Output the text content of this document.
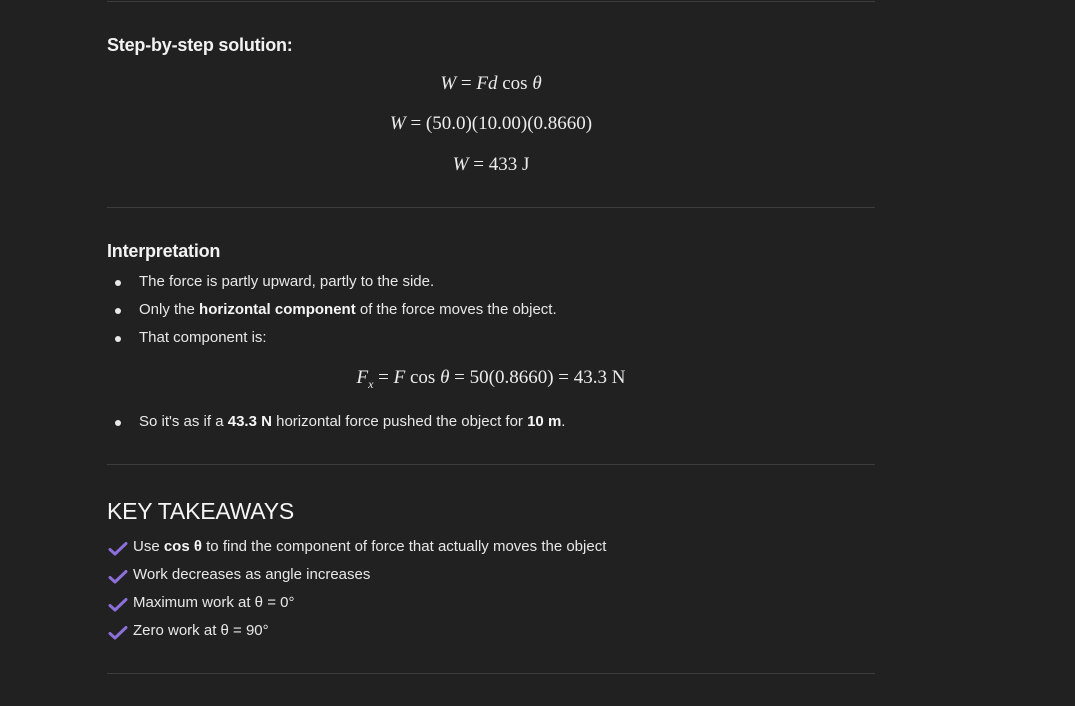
Step-by-step solution:
W = Fd cos θ
W = (50.0)(10.00)(0.8660)
W = 433 J
Interpretation
The force is partly upward, partly to the side.
Only the horizontal component of the force moves the object.
That component is:
$F_x = F$ cos θ = 50(0.8660) = 43.3 N
So it's as if a 43.3 N horizontal force pushed the object for 10 m.
KEY TAKEAWAYS
Use cos θ to find the component of force that actually moves the object
Work decreases as angle increases
Maximum work at θ = 0°
Zero work at θ = 90°
